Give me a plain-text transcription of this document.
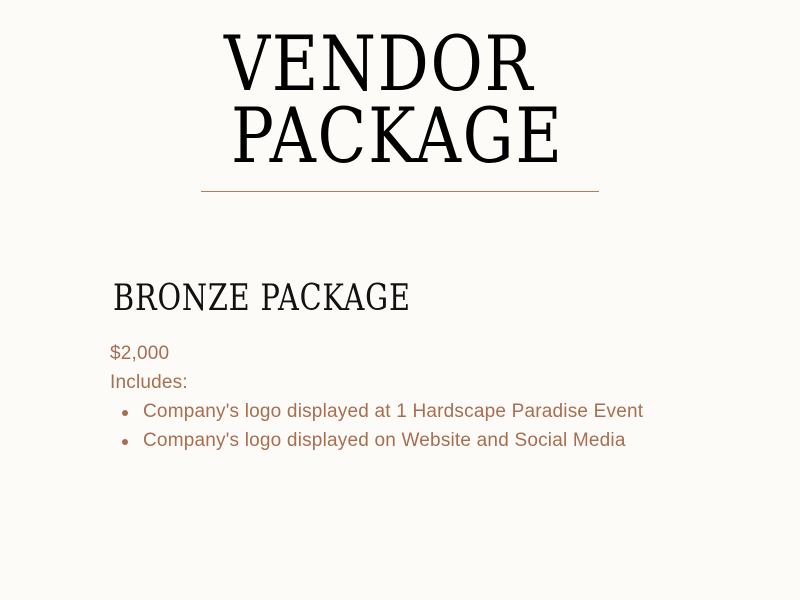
VENDOR
PACKAGE
BRONZE PACKAGE
$2,000
Includes:
Company's logo displayed at 1 Hardscape Paradise Event
Company's logo displayed on Website and Social Media
